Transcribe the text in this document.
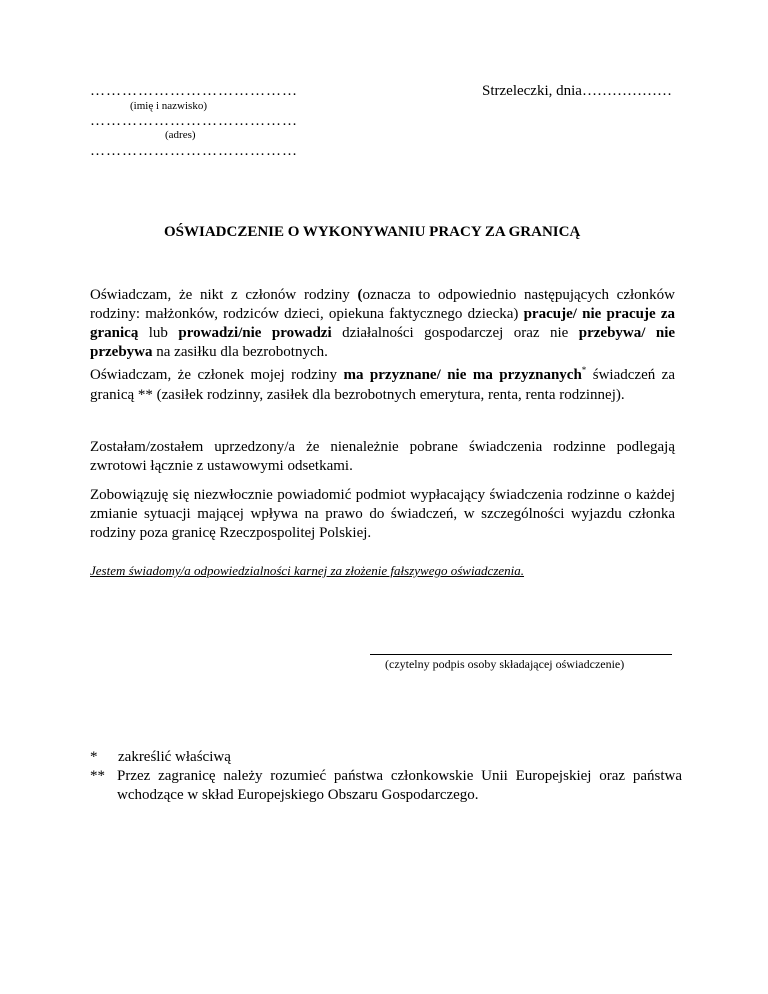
…………………………………
(imię i nazwisko)
…………………………………
(adres)
…………………………………
Strzeleczki, dnia………………
OŚWIADCZENIE O WYKONYWANIU PRACY ZA GRANICĄ
Oświadczam, że nikt z członów rodziny (oznacza to odpowiednio następujących członków rodziny: małżonków, rodziców dzieci, opiekuna faktycznego dziecka) pracuje/ nie pracuje za granicą lub prowadzi/nie prowadzi działalności gospodarczej oraz nie przebywa/ nie przebywa na zasiłku dla bezrobotnych.
Oświadczam, że członek mojej rodziny ma przyznane/ nie ma przyznanych* świadczeń za granicą ** (zasiłek rodzinny, zasiłek dla bezrobotnych emerytura, renta, renta rodzinnej).
Zostałam/zostałem uprzedzony/a że nienależnie pobrane świadczenia rodzinne podlegają zwrotowi łącznie z ustawowymi odsetkami.
Zobowiązuję się niezwłocznie powiadomić podmiot wypłacający świadczenia rodzinne o każdej zmianie sytuacji mającej wpływa na prawo do świadczeń, w szczególności wyjazdu członka rodziny poza granicę Rzeczpospolitej Polskiej.
Jestem świadomy/a odpowiedzialności karnej za złożenie fałszywego oświadczenia.
(czytelny podpis osoby składającej oświadczenie)
* zakreślić właściwą
** Przez zagranicę należy rozumieć państwa członkowskie Unii Europejskiej oraz państwa wchodzące w skład Europejskiego Obszaru Gospodarczego.
